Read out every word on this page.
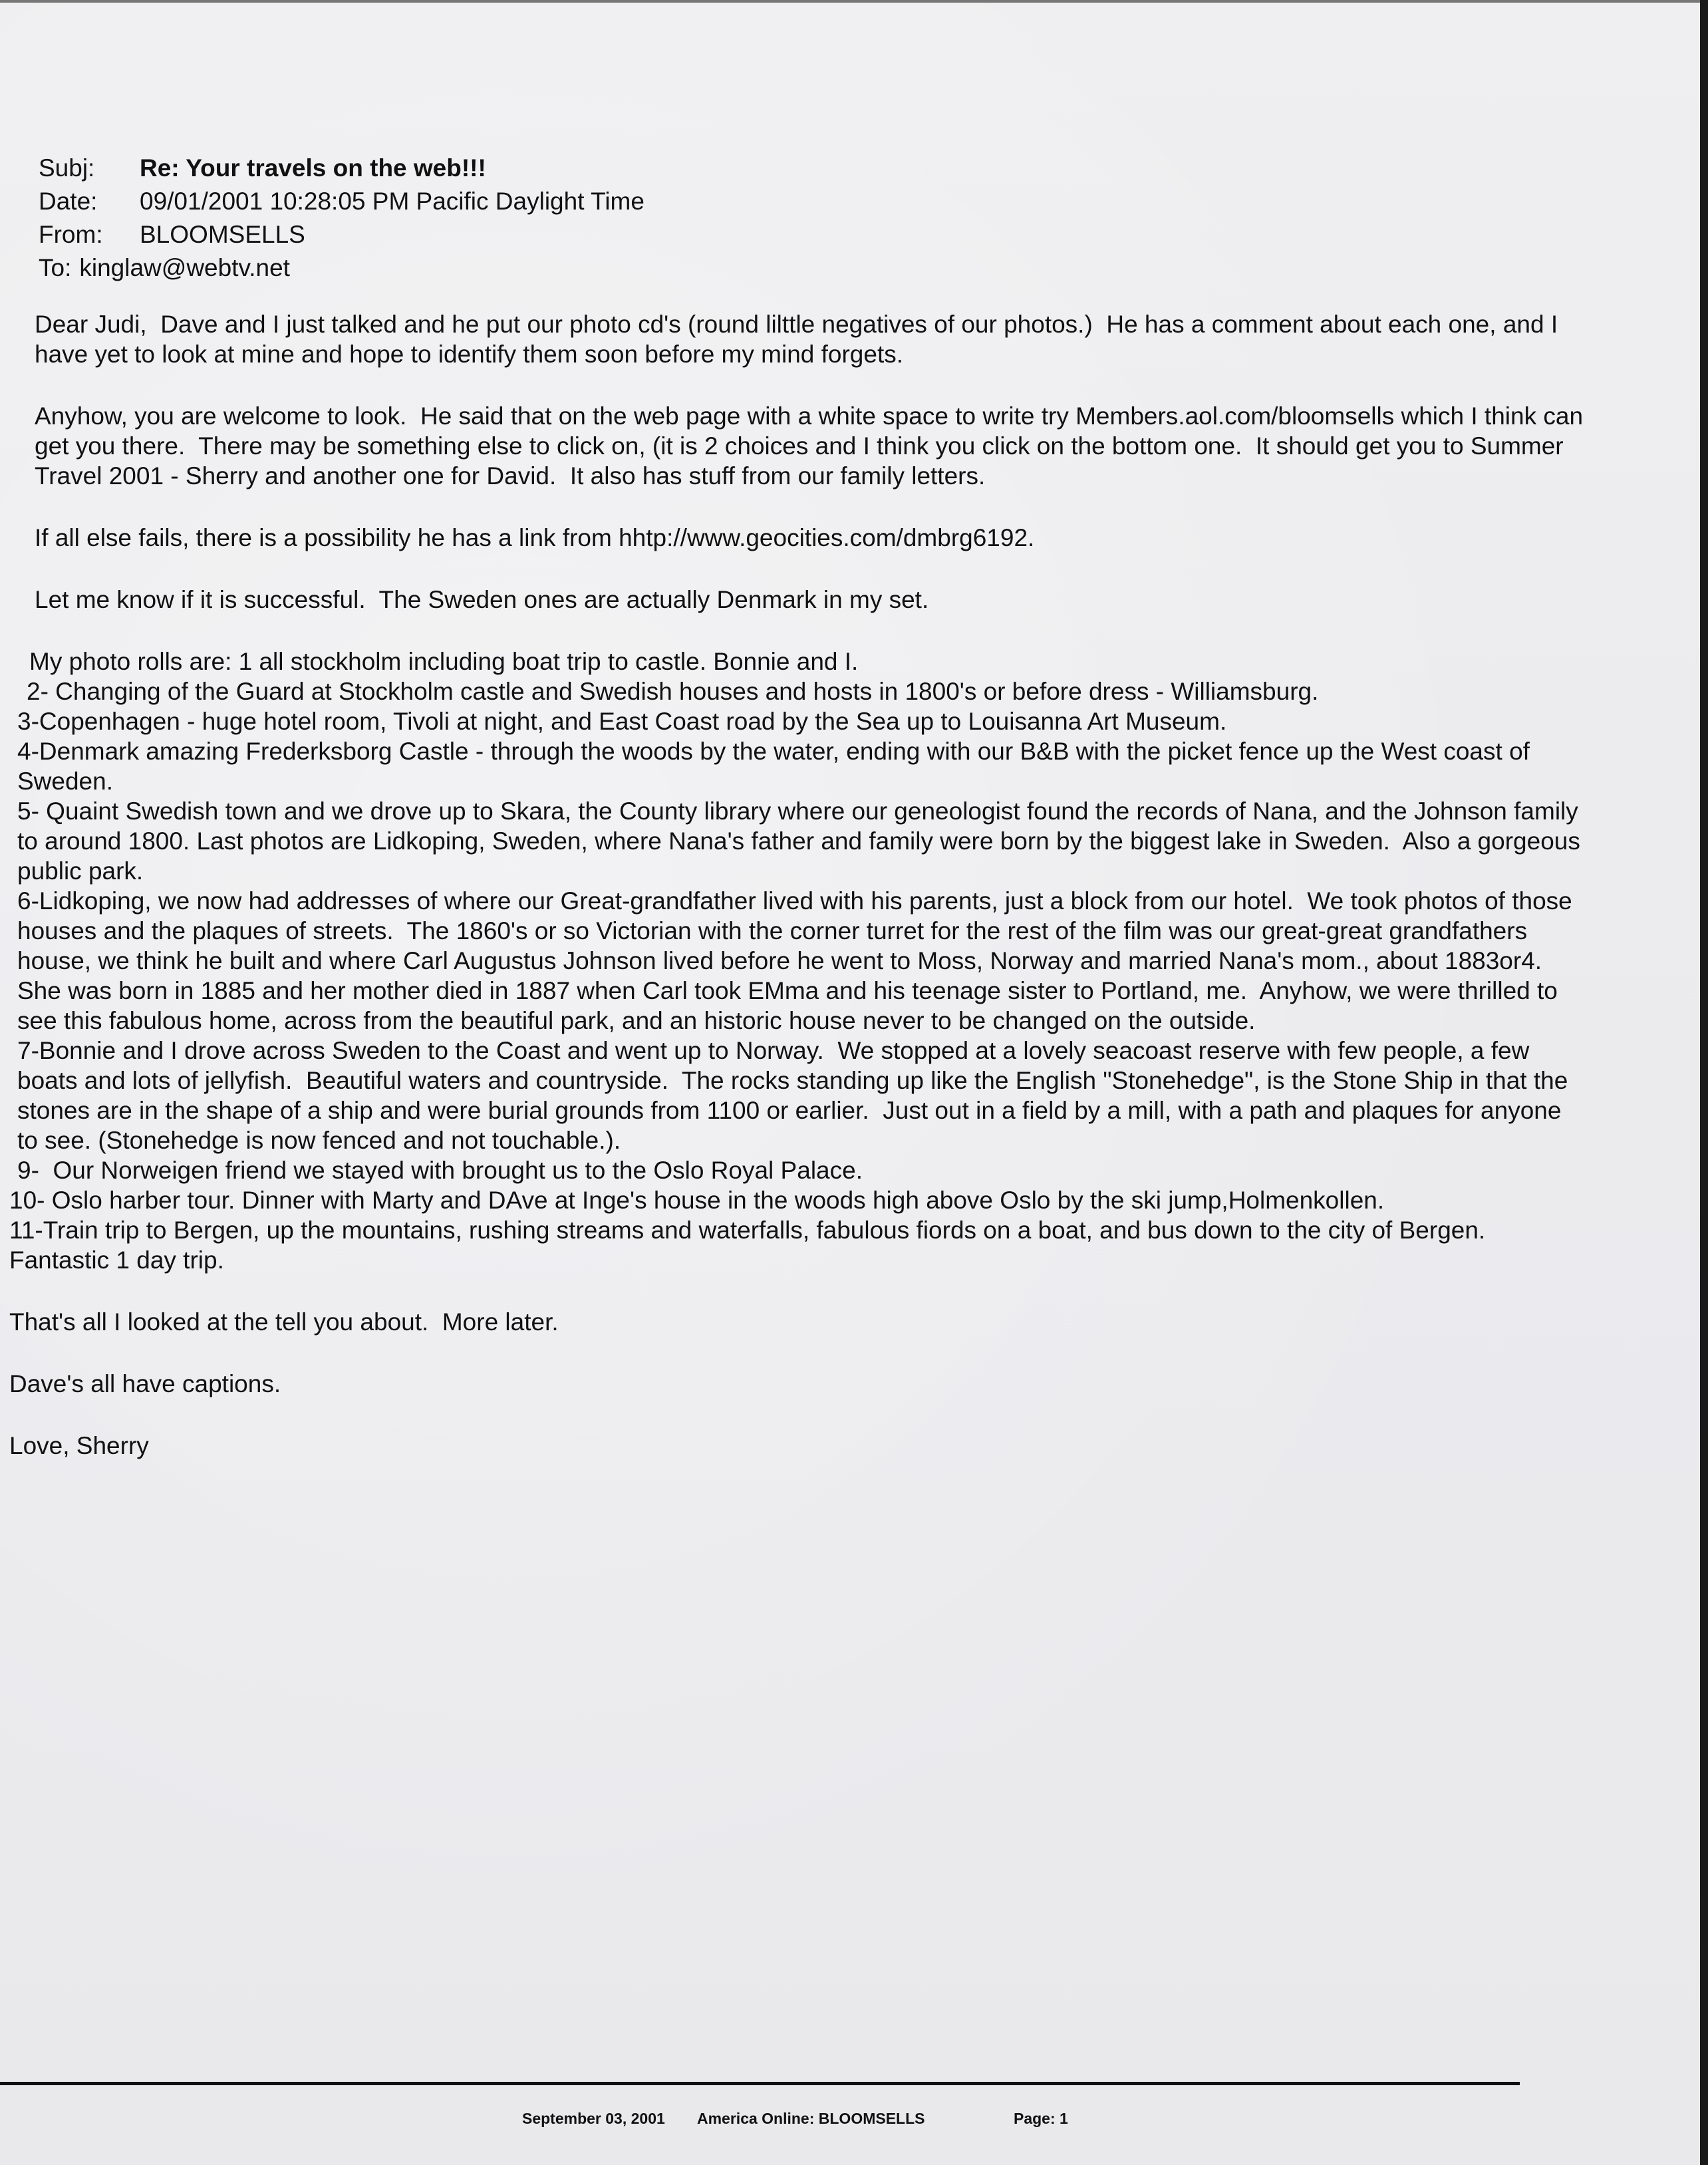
Subj:	Re: Your travels on the web!!!
Date:	09/01/2001 10:28:05 PM Pacific Daylight Time
From:	BLOOMSELLS
To: kinglaw@webtv.net

Dear Judi,  Dave and I just talked and he put our photo cd's (round lilttle negatives of our photos.)  He has a comment about each one, and I have yet to look at mine and hope to identify them soon before my mind forgets.

Anyhow, you are welcome to look.  He said that on the web page with a white space to write try Members.aol.com/bloomsells which I think can get you there.  There may be something else to click on, (it is 2 choices and I think you click on the bottom one.  It should get you to Summer Travel 2001 - Sherry and another one for David.  It also has stuff from our family letters.

If all else fails, there is a possibility he has a link from hhtp://www.geocities.com/dmbrg6192.

Let me know if it is successful.  The Sweden ones are actually Denmark in my set.

My photo rolls are: 1 all stockholm including boat trip to castle. Bonnie and I.

2- Changing of the Guard at Stockholm castle and Swedish houses and hosts in 1800's or before dress - Williamsburg.

3-Copenhagen - huge hotel room, Tivoli at night, and East Coast road by the Sea up to Louisanna Art Museum.

4-Denmark amazing Frederksborg Castle - through the woods by the water, ending with our B&B with the picket fence up the West coast of Sweden.

5- Quaint Swedish town and we drove up to Skara, the County library where our geneologist found the records of Nana, and the Johnson family to around 1800. Last photos are Lidkoping, Sweden, where Nana's father and family were born by the biggest lake in Sweden.  Also a gorgeous public park.

6-Lidkoping, we now had addresses of where our Great-grandfather lived with his parents, just a block from our hotel.  We took photos of those houses and the plaques of streets.  The 1860's or so Victorian with the corner turret for the rest of the film was our great-great grandfathers house, we think he built and where Carl Augustus Johnson lived before he went to Moss, Norway and married Nana's mom., about 1883or4.  She was born in 1885 and her mother died in 1887 when Carl took EMma and his teenage sister to Portland, me.  Anyhow, we were thrilled to see this fabulous home, across from the beautiful park, and an historic house never to be changed on the outside.

7-Bonnie and I drove across Sweden to the Coast and went up to Norway.  We stopped at a lovely seacoast reserve with few people, a few boats and lots of jellyfish.  Beautiful waters and countryside.  The rocks standing up like the English "Stonehedge", is the Stone Ship in that the stones are in the shape of a ship and were burial grounds from 1100 or earlier.  Just out in a field by a mill, with a path and plaques for anyone to see. (Stonehedge is now fenced and not touchable.).

9-  Our Norweigen friend we stayed with brought us to the Oslo Royal Palace.

10- Oslo harber tour. Dinner with Marty and DAve at Inge's house in the woods high above Oslo by the ski jump,Holmenkollen.

11-Train trip to Bergen, up the mountains, rushing streams and waterfalls, fabulous fiords on a boat, and bus down to the city of Bergen.  Fantastic 1 day trip.

That's all I looked at the tell you about.  More later.

Dave's all have captions.

Love, Sherry

September 03, 2001 America Online: BLOOMSELLS	Page: 1
